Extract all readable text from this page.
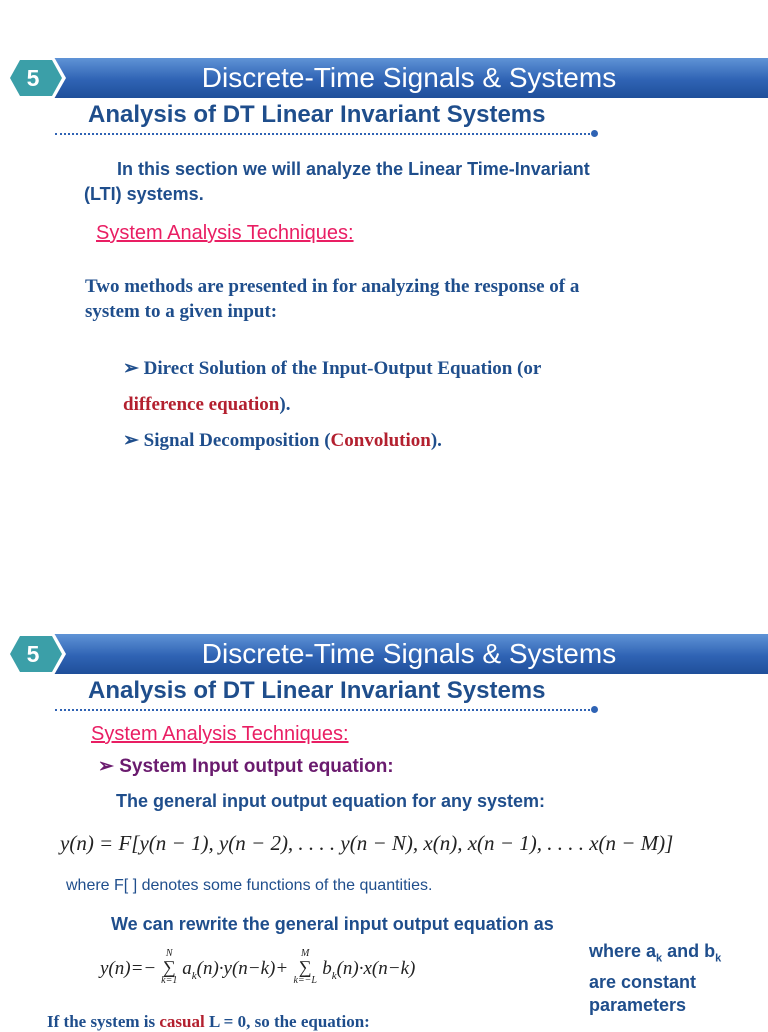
Discrete-Time Signals & Systems
5
Analysis of DT Linear Invariant Systems

In this section we will analyze the Linear Time-Invariant

(LTI) systems.

System Analysis Techniques:

Two methods are presented in for analyzing the response of a

system to a given input:

➢ Direct Solution of the Input-Output Equation (or

difference equation).

➢ Signal Decomposition (Convolution).

Discrete-Time Signals & Systems
5
Analysis of DT Linear Invariant Systems

System Analysis Techniques:

➢ System Input output equation:

The general input output equation for any system:

y(n) = F[y(n − 1), y(n − 2), . . . . y(n − N), x(n), x(n − 1), . . . . x(n − M)]

where F[ ] denotes some functions of the quantities.

We can rewrite the general input output equation as

y(n)=−
N
∑
k=1
$a_k(n)\cdot y(n-k)+$
M
∑
k=−L
$b_k(n)\cdot x(n-k)$
where $a_k$ and $b_k$
are constant
parameters

If the system is casual L = 0, so the equation:
